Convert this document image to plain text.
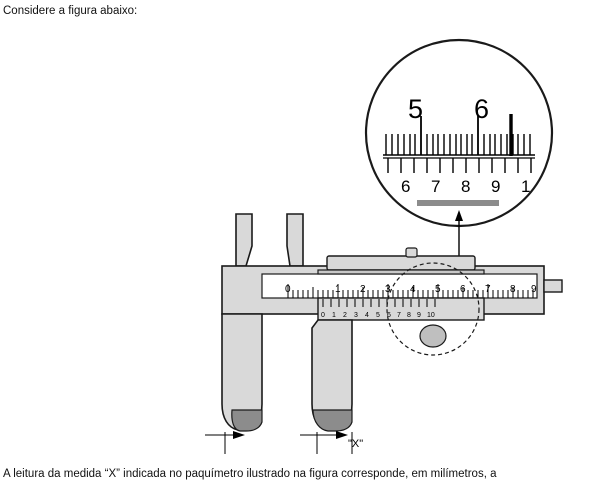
Considere a figura abaixo:
5 6
6 7 8 9 1
0	1 2 3 4 5 6 7 8 9
0 1 2 3 4 5 6 7 8 9 10
"X"
A leitura da medida “X” indicada no paquímetro ilustrado na figura corresponde, em milímetros, a
